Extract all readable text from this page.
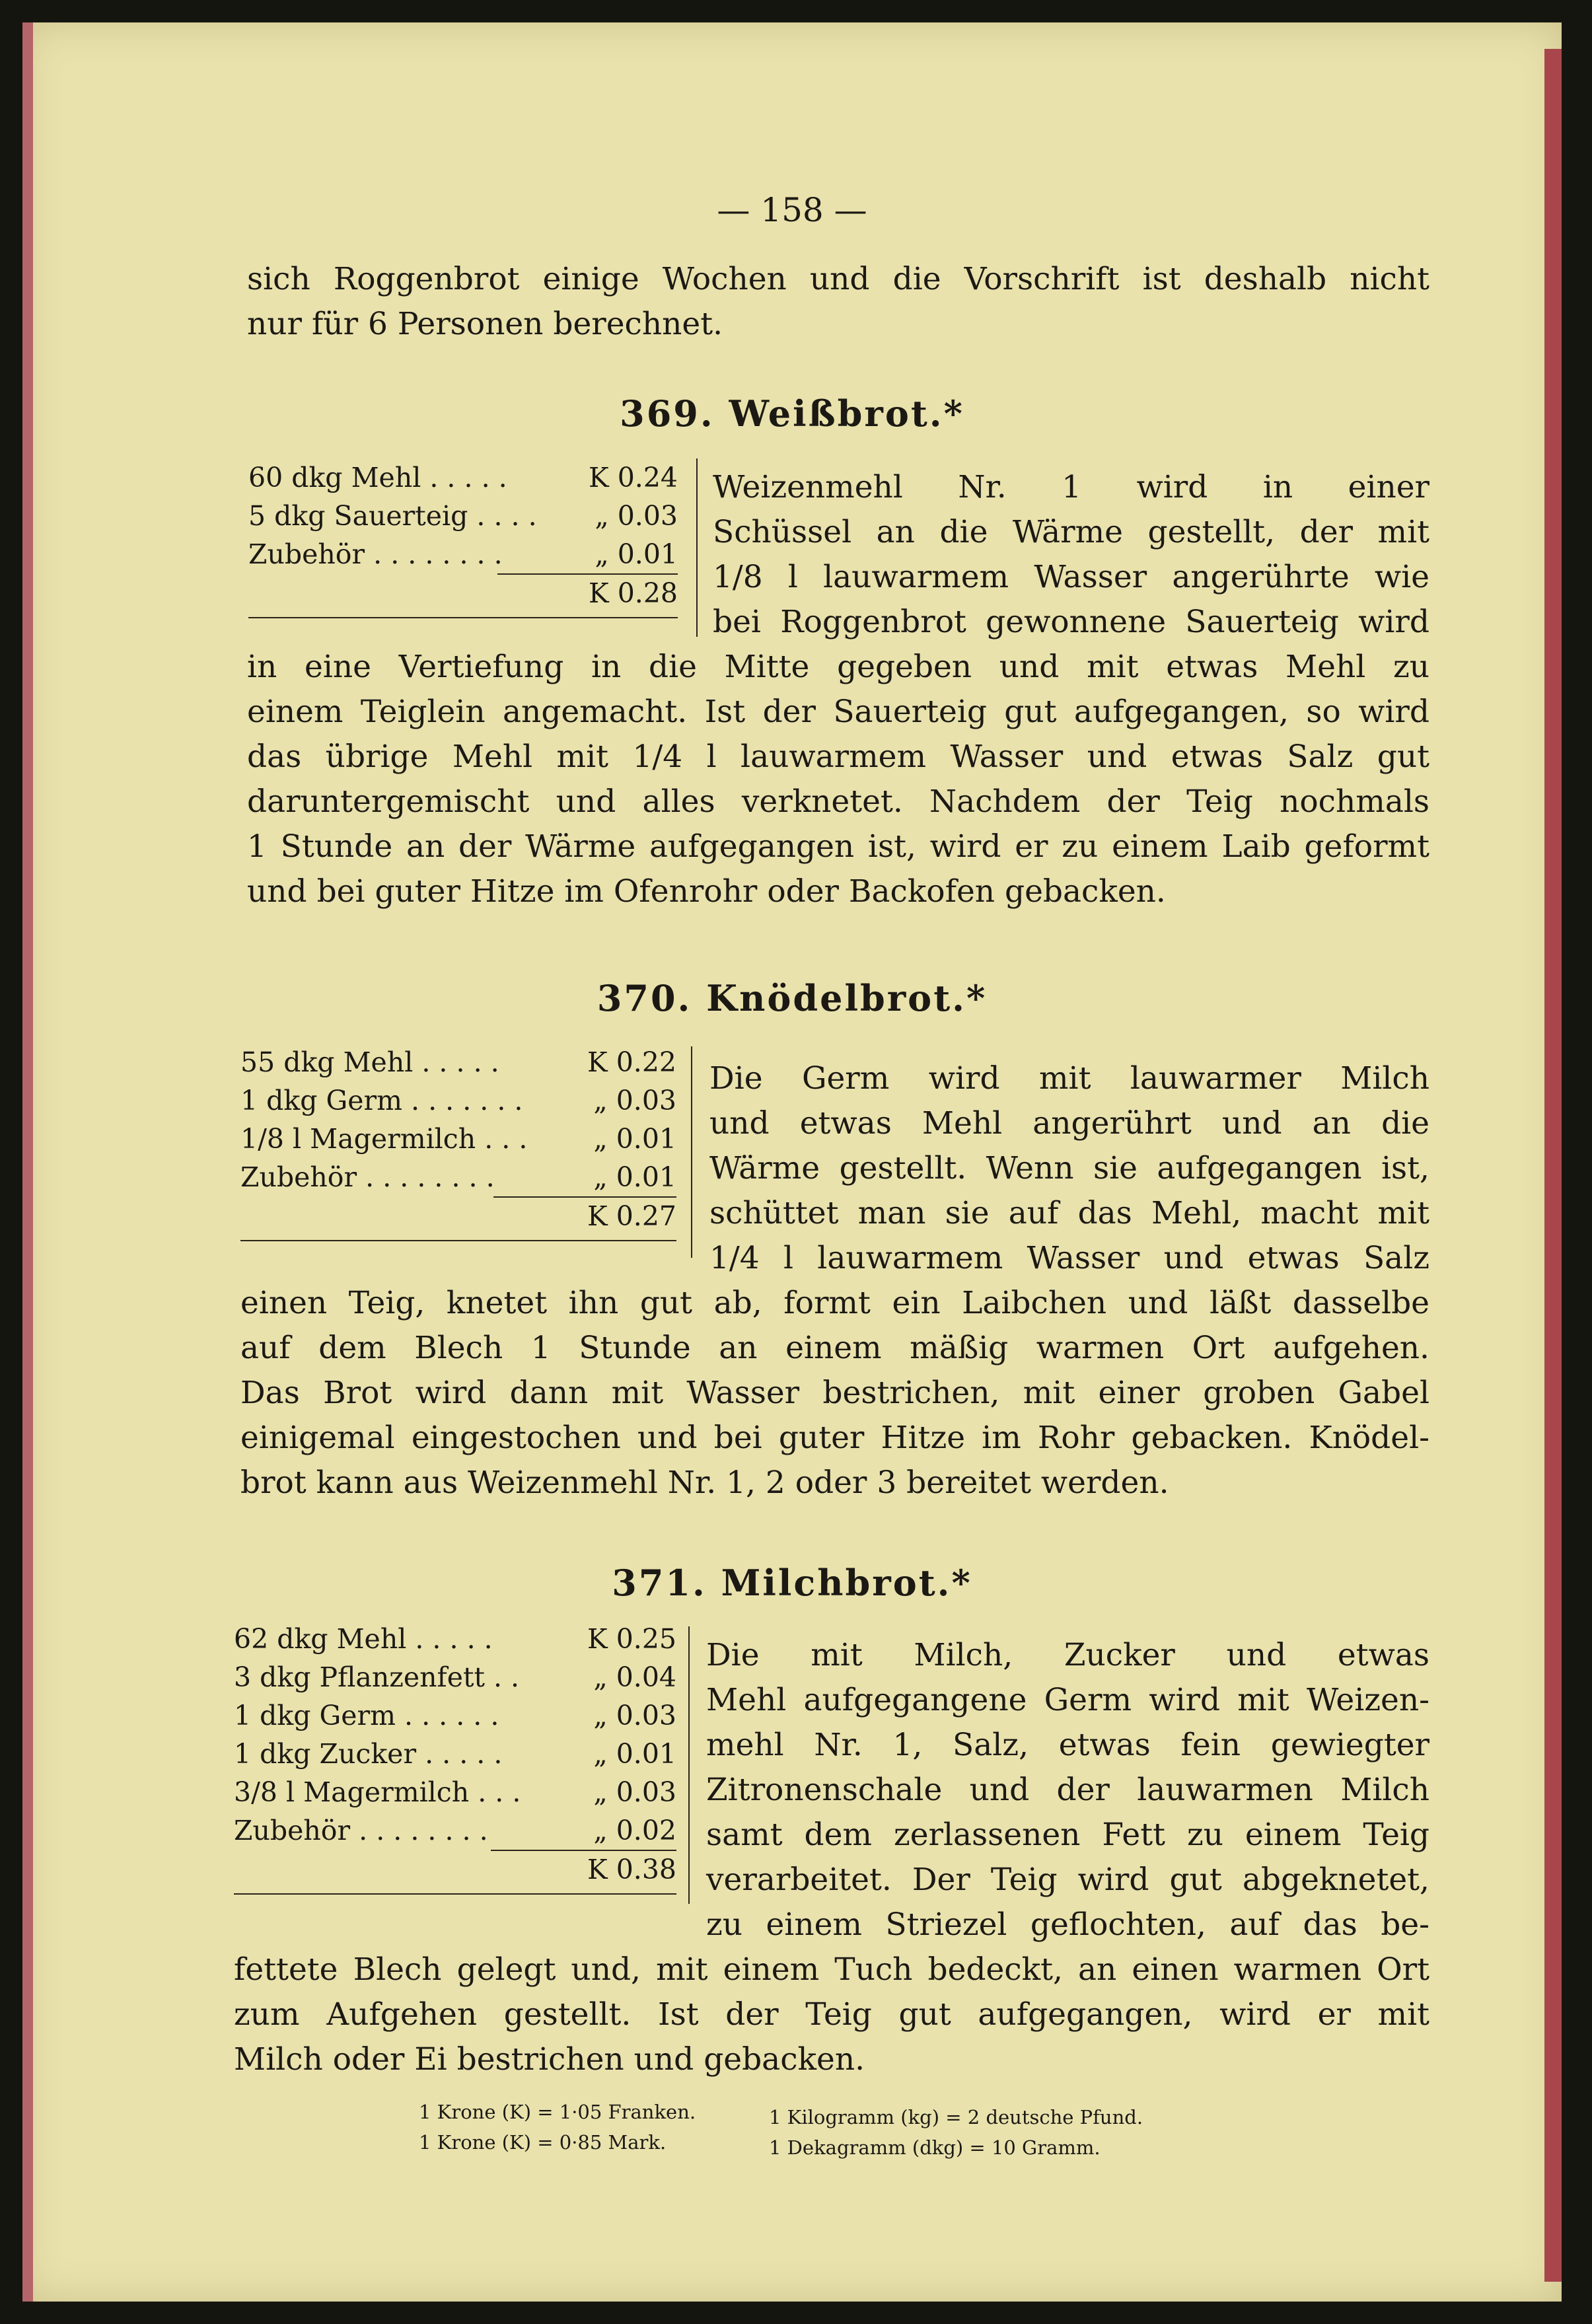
— 158 —

sich Roggenbrot einige Wochen und die Vorschrift ist deshalb nicht

nur für 6 Personen berechnet.

369. Weißbrot.*
60 dkg Mehl . . . . .	K 0.24
5 dkg Sauerteig . . . . „ 0.03
Zubehör . . . . . . . .	„ 0.01
K 0.28

Weizenmehl Nr. 1 wird in einer

Schüssel an die Wärme gestellt, der mit

1/8 l lauwarmem Wasser angerührte wie

bei Roggenbrot gewonnene Sauerteig wird

in eine Vertiefung in die Mitte gegeben und mit etwas Mehl zu

einem Teiglein angemacht. Ist der Sauerteig gut aufgegangen, so wird

das übrige Mehl mit 1/4 l lauwarmem Wasser und etwas Salz gut

daruntergemischt und alles verknetet. Nachdem der Teig nochmals

1 Stunde an der Wärme aufgegangen ist, wird er zu einem Laib geformt

und bei guter Hitze im Ofenrohr oder Backofen gebacken.

370. Knödelbrot.*
55 dkg Mehl . . . . .	K 0.22
1 dkg Germ . . . . . . .	„ 0.03
1/8 l Magermilch . . . „ 0.01
Zubehör . . . . . . . .	„ 0.01
K 0.27

Die Germ wird mit lauwarmer Milch

und etwas Mehl angerührt und an die

Wärme gestellt. Wenn sie aufgegangen ist,

schüttet man sie auf das Mehl, macht mit

1/4 l lauwarmem Wasser und etwas Salz

einen Teig, knetet ihn gut ab, formt ein Laibchen und läßt dasselbe

auf dem Blech 1 Stunde an einem mäßig warmen Ort aufgehen.

Das Brot wird dann mit Wasser bestrichen, mit einer groben Gabel

einigemal eingestochen und bei guter Hitze im Rohr gebacken. Knödel-

brot kann aus Weizenmehl Nr. 1, 2 oder 3 bereitet werden.

371. Milchbrot.*
62 dkg Mehl . . . . .	K 0.25
3 dkg Pflanzenfett . .	„ 0.04
1 dkg Germ . . . . . .	„ 0.03
1 dkg Zucker . . . . .	„ 0.01
3/8 l Magermilch . . .	„ 0.03
Zubehör . . . . . . . .	„ 0.02
K 0.38

Die mit Milch, Zucker und etwas

Mehl aufgegangene Germ wird mit Weizen-

mehl Nr. 1, Salz, etwas fein gewiegter

Zitronenschale und der lauwarmen Milch

samt dem zerlassenen Fett zu einem Teig

verarbeitet. Der Teig wird gut abgeknetet,

zu einem Striezel geflochten, auf das be-

fettete Blech gelegt und, mit einem Tuch bedeckt, an einen warmen Ort

zum Aufgehen gestellt. Ist der Teig gut aufgegangen, wird er mit

Milch oder Ei bestrichen und gebacken.

1 Krone (K) = 1·05 Franken.
1 Krone (K) = 0·85 Mark.
1 Kilogramm (kg) = 2 deutsche Pfund.
1 Dekagramm (dkg) = 10 Gramm.
